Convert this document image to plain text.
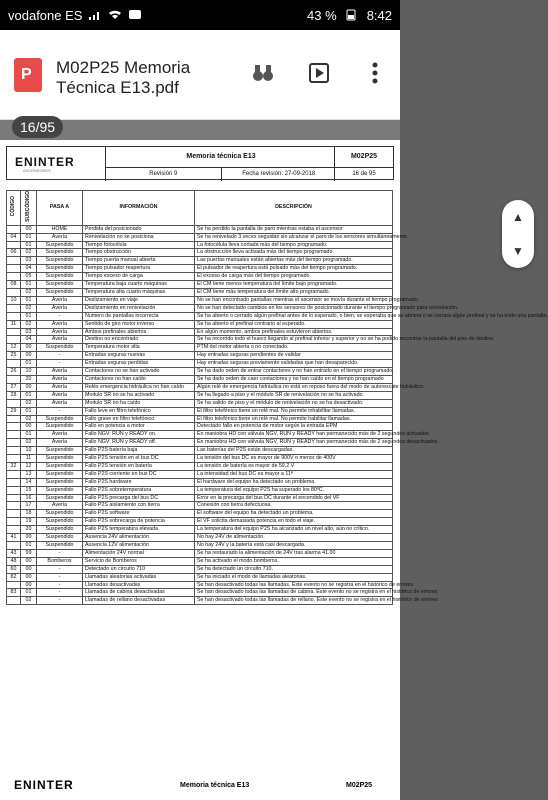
vodafone ES	43 % 8:42
P M02P25 Memoria Técnica E13.pdf
16/95
ENINTER
ASCENSORES
Memoria técnica E13
Revisión 9	Fecha revisión: 27-09-2018
M02P25
16 de 95
CÓDIGO	SUBCÓDIGO	PASA A	INFORMACIÓN	DESCRIPCIÓN
	00	HOME	Perdida del posicionado	Se ha perdido la pantalla de paro mientras estaba el ascensor
04	01	Avería	Renivelación no se posiciona	Se ha renivelado 3 veces seguidas sin alcanzar el paro de los sensores simultáneamente.
	01	Suspendido	Tiempo fotocélula	La fotocélula lleva cortada más del tiempo programado.
06	02	Suspendido	Tiempo obstrucción	La obstrucción lleva activada más del tiempo programado.
	03	Suspendido	Tiempo puerta manual abierta	Las puertas manuales están abiertas más del tiempo programado.
	04	Suspendido	Tiempo pulsador reapertura	El pulsador de reapertura está pulsado más del tiempo programado.
	05	Suspendido	Tiempo exceso de carga	El exceso de carga más del tiempo programado.
08	01	Suspendido	Temperatura baja cuarto máquinas	El CM tiene menos temperatura del límite bajo programado.
	02	Suspendido	Temperatura alta cuarto máquinas	El CM tiene más temperatura del límite alto programado.
10	01	Avería	Deslizamiento en viaje	No se han encontrado pantallas mientras el ascensor se movía durante el tiempo programado.
	02	Avería	Deslizamiento en renivelación	No se han detectado cambios en los sensores de posicionado durante el tiempo programado para renivelación.
	01	-	Numero de pantallas incorrecta	Se ha abierto o cerrado algún prefinal antes de lo esperado, o bien, se esperaba que se abriera o se cerrara algún prefinal y se ha leído una pantalla.
11	02	Avería	Sentido de giro motor inverso	Se ha abierto el prefinal contrario al esperado.
	03	Avería	Ambos prefinales abiertos	En algún momento, ambos prefinales estuvieron abiertos.
	04	Avería	Destino no encontrado	Se ha recorrido todo el hueco llegando al prefinal inferior y superior y no se ha podido encontrar la pantalla del piso de destino.
12	00	Suspendido	Temperatura motor alta	PTM del motor abierta o no conectado.
25	00	-	Entradas seguras nuevas	Hay entradas seguras pendientes de validar
	01	-	Entradas seguras perdidas	Hay entradas seguras previamente validadas que han desaparecido.
26	10	Avería	Contactores no se han activado	Se ha dado orden de entrar contactores y no han entrado en el tiempo programado.
	20	Avería	Contactores no han caído	Se ha dado orden de caer contactores y no han caído en el tiempo programado
27	00	Avería	Relés emergencia hidráulica no han caído	Algún relé de emergencia hidráulica no está en reposo fuera del modo de autorescate hidráulico.
28	01	Avería	Modulo SR no se ha activado	Se ha llegado a piso y el módulo SR de renivelación no se ha activado.
	02	Avería	Modulo SR no ha caído	Se ha salido de piso y el módulo de renivelación no se ha desactivado.
29	01	-	Fallo leve en filtro telefónico	El filtro telefónico tiene un relé mal. No permite inhabilitar llamadas.
	02	Suspendido	Fallo grave en filtro telefónico	El filtro telefónico tiene un relé mal. No permite habilitar llamadas.
	00	Suspendido	Fallo en potencia a motor	Detectado fallo en potencia de motor según la entrada EPM
	01	Avería	Fallo NGV: RUN y READY on.	En maniobra HD con válvula NGV, RUN y READY han permanecido más de 2 segundos activados.
	02	Avería	Fallo NGV: RUN y READY off.	En maniobra HD con válvula NGV, RUN y READY han permanecido más de 2 segundos desactivados.
	10	Suspendido	Fallo P2S batería baja	Las baterías del P2S están descargadas.
	11	Suspendido	Fallo P2S tensión en el bus DC	La tensión del bus DC es mayor de 900V o menor de 400V
32	12	Suspendido	Fallo P2S tensión en batería	La tensión de batería es mayor de 59,2 V
	13	Suspendido	Fallo P2S corriente en bus DC	La intensidad del bus DC es mayor a 11ª
	14	Suspendido	Fallo P2S hardware	El hardware del equipo ha detectado un problema.
	15	Suspendido	Fallo P2S sobretemperatura	La temperatura del equipo P2S ha superado los 80ºC.
	16	Suspendido	Fallo P2S precarga del bus DC	Error en la precarga del bus DC durante el encendido del VF
	17	Avería	Fallo P2S aislamiento con tierra	Conexión con tierra defectuosa.
	18	Suspendido	Fallo P2S software	El software del equipo ha detectado un problema.
	19	Suspendido	Fallo P2S sobrecarga de potencia	El VF solicita demasiada potencia en todo el viaje.
	20	Suspendido	Fallo P2S temperatura elevada	La temperatura del equipo P2S ha alcanzado un nivel alto, aún no crítico.
41	00	Suspendido	Ausencia 24V alimentación	No hay 24V de alimentación.
	01	Suspendido	Ausencia 12V alimentación	No hay 24V y la batería está casi descargada.
43	99	-	Alimentación 24V normal	Se ha restaurado la alimentación de 24V tras alarma 41.00
48	00	Bomberos	Servicio de Bomberos	Se ha activado el modo bomberos.
60	00	-	Detectado un circuito 710	Se ha detectado un circuito 710.
82	00	-	Llamadas aleatorias activadas	Se ha iniciado el modo de llamadas aleatorias.
	00	-	Llamadas desactivadas	Se han desactivado todas las llamadas. Este evento no se registra en el histórico de errores
83	01	-	Llamadas de cabina desactivadas	Se han desactivado todas las llamadas de cabina. Este evento no se registra en el histórico de errores
	02	-	Llamadas de rellano desactivadas	Se han desactivado todas las llamadas de rellano. Este evento no se registra en el histórico de errores
▲
▼
ENINTER	Memoria técnica E13	M02P25
